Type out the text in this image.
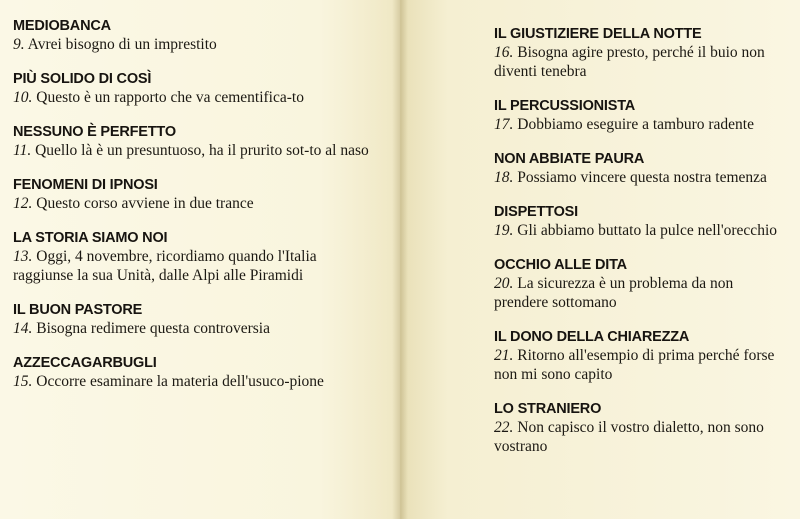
MEDIOBANCA
9. Avrei bisogno di un imprestito
PIÙ SOLIDO DI COSÌ
10. Questo è un rapporto che va cementifica-to
NESSUNO È PERFETTO
11. Quello là è un presuntuoso, ha il prurito sot-to al naso
FENOMENI DI IPNOSI
12. Questo corso avviene in due trance
LA STORIA SIAMO NOI
13. Oggi, 4 novembre, ricordiamo quando l'Italia raggiunse la sua Unità, dalle Alpi alle Piramidi
IL BUON PASTORE
14. Bisogna redimere questa controversia
AZZECCAGARBUGLI
15. Occorre esaminare la materia dell'usuco-pione
IL GIUSTIZIERE DELLA NOTTE
16. Bisogna agire presto, perché il buio non diventi tenebra
IL PERCUSSIONISTA
17. Dobbiamo eseguire a tamburo radente
NON ABBIATE PAURA
18. Possiamo vincere questa nostra temenza
DISPETTOSI
19. Gli abbiamo buttato la pulce nell'orecchio
OCCHIO ALLE DITA
20. La sicurezza è un problema da non prendere sottomano
IL DONO DELLA CHIAREZZA
21. Ritorno all'esempio di prima perché forse non mi sono capito
LO STRANIERO
22. Non capisco il vostro dialetto, non sono vostrano
